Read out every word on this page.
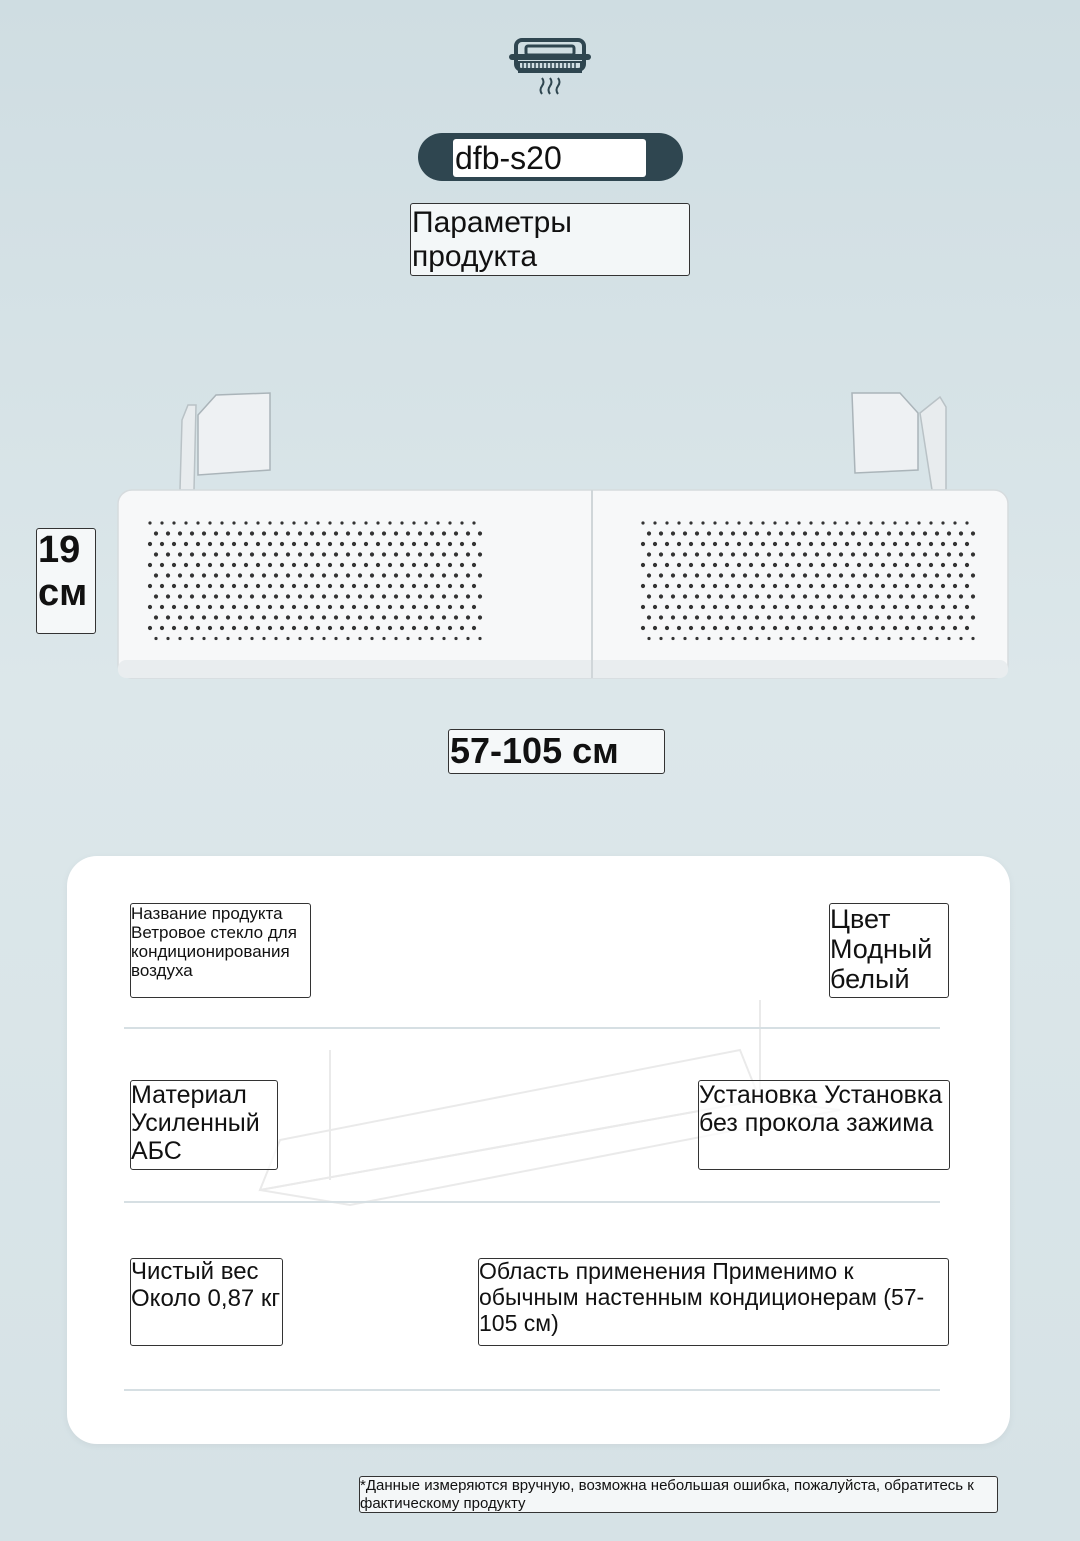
dfb-s20
Параметры продукта
19 см
57-105 см
Название продукта Ветровое стекло для кондиционирования воздуха
Цвет Модный белый
Материал Усиленный АБС
Установка Установка без прокола зажима
Чистый вес Около 0,87 кг
Область применения Применимо к обычным настенным кондиционерам (57-105 см)
*Данные измеряются вручную, возможна небольшая ошибка, пожалуйста, обратитесь к фактическому продукту
